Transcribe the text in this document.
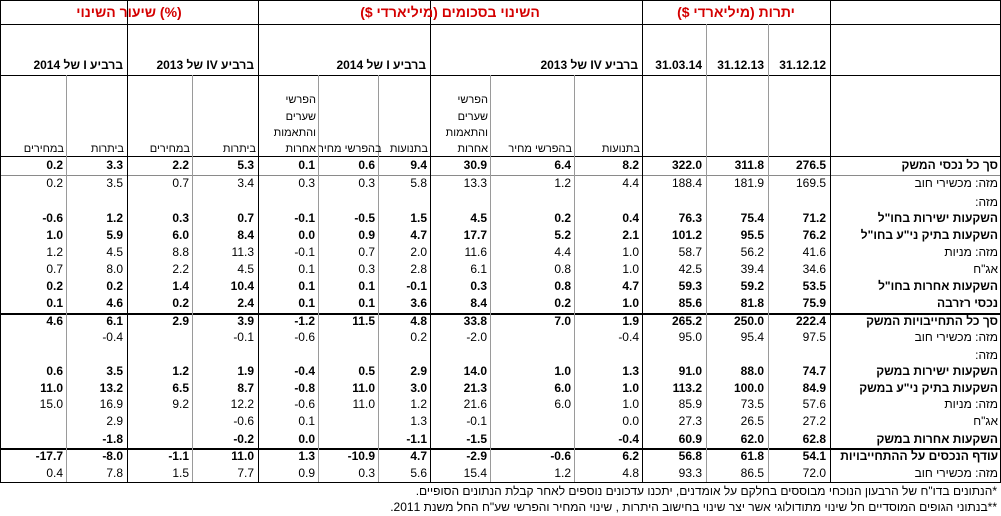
יתרות (מיליארדי $)
השינוי בסכומים (מיליארדי $)
שיעור השינוי (%)
31.12.12
31.12.13
31.03.14
ברביע IV של 2013
ברביע I של 2014
ברביע IV של 2013
ברביע I של 2014
בתנועות
בהפרשי מחיר
הפרשי
שערים
והתאמות
אחרות
בתנועות
בהפרשי מחיר
הפרשי
שערים
והתאמות
אחרות
ביתרות
במחירים
ביתרות
במחירים
סך כל נכסי המשק
276.5
311.8
322.0
8.2
6.4
30.9
9.4
0.6
0.1
5.3
2.2
3.3
0.2
מזה: מכשירי חוב
169.5
181.9
188.4
4.4
1.2
13.3
5.8
0.3
0.3
3.4
0.7
3.5
0.2
מזה:
השקעות ישירות בחו"ל
71.2
75.4
76.3
0.4
0.2
4.5
1.5
-0.5
-0.1
0.7
0.3
1.2
-0.6
השקעות בתיק ני"ע בחו"ל
76.2
95.5
101.2
2.1
5.2
17.7
4.7
0.9
0.0
8.4
6.0
5.9
1.0
מזה: מניות
41.6
56.2
58.7
1.0
4.4
11.6
2.0
0.7
-0.1
11.3
8.8
4.5
1.2
אג"ח
34.6
39.4
42.5
1.0
0.8
6.1
2.8
0.3
0.1
4.5
2.2
8.0
0.7
השקעות אחרות בחו"ל
53.5
59.2
59.3
4.7
0.8
0.3
-0.1
0.1
0.1
10.4
1.4
0.2
0.2
נכסי רזרבה
75.9
81.8
85.6
1.0
0.2
8.4
3.6
0.1
0.1
2.4
0.2
4.6
0.1
סך כל התחייבויות המשק
222.4
250.0
265.2
1.9
7.0
33.8
4.8
11.5
-1.2
3.9
2.9
6.1
4.6
מזה: מכשירי חוב
97.5
95.4
95.0
-0.4
-2.0
0.2
-0.6
-0.1
-0.4
מזה:
השקעות ישירות במשק
74.7
88.0
91.0
1.3
1.0
14.0
2.9
0.5
-0.4
1.9
1.2
3.5
0.6
השקעות בתיק ני"ע במשק
84.9
100.0
113.2
1.0
6.0
21.3
3.0
11.0
-0.8
8.7
6.5
13.2
11.0
מזה: מניות
57.6
73.5
85.9
1.0
6.0
21.6
1.2
11.0
-0.6
12.2
9.2
16.9
15.0
אג"ח
27.2
26.5
27.3
0.0
-0.1
1.3
0.1
-0.6
2.9
השקעות אחרות במשק
62.8
62.0
60.9
-0.4
-1.5
-1.1
0.0
-0.2
-1.8
עודף הנכסים על ההתחייבויות
54.1
61.8
56.8
6.2
-0.6
-2.9
4.7
-10.9
1.3
11.0
-1.1
-8.0
-17.7
מזה: מכשירי חוב
72.0
86.5
93.3
4.8
1.2
15.4
5.6
0.3
0.9
7.7
1.5
7.8
0.4
*הנתונים בדו"ח של הרבעון הנוכחי מבוססים בחלקם על אומדנים, יתכנו עדכונים נוספים לאחר קבלת הנתונים הסופיים.
**בנתוני הגופים המוסדיים חל שינוי מתודולוגי אשר יצר שינוי בחישוב היתרות , שינוי המחיר והפרשי שע"ח החל משנת 2011.
